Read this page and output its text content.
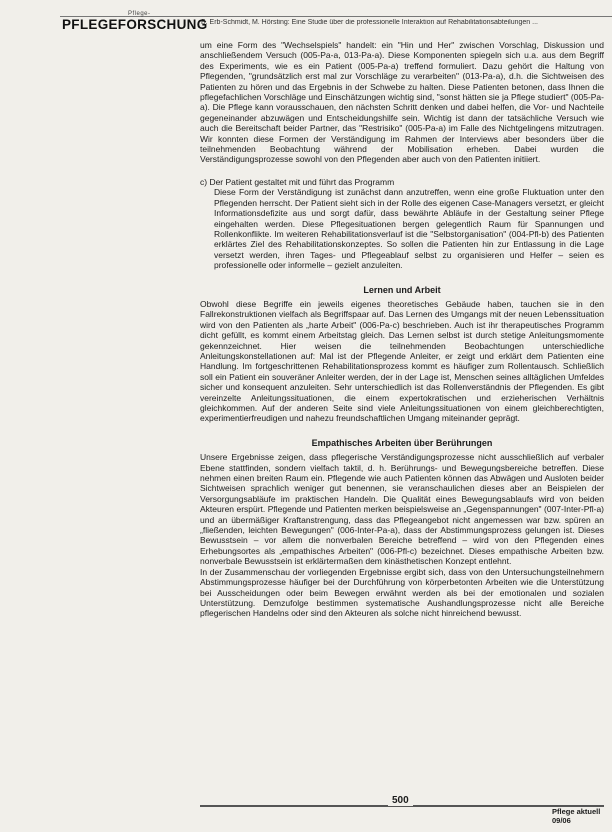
Pflege-
PFLEGEFORSCHUNG
B. Erb-Schmidt, M. Hörsting: Eine Studie über die professionelle Interaktion auf Rehabilitationsabteilungen ...

um eine Form des "Wechselspiels" handelt: ein "Hin und Her" zwischen Vorschlag, Diskussion und anschließendem Versuch (005-Pa-a, 013-Pa-a). Diese Komponenten spiegeln sich u.a. aus dem Begriff des Experiments, wie es ein Patient (005-Pa-a) treffend formuliert. Dazu gehört die Haltung von Pflegenden, "grundsätzlich erst mal zur Vorschläge zu verarbeiten" (013-Pa-a), d.h. die Sichtweisen des Patienten zu hören und das Ergebnis in der Schwebe zu halten. Diese Patienten betonen, dass Ihnen die pflegefachlichen Vorschläge und Einschätzungen wichtig sind, "sonst hätten sie ja Pflege studiert" (005-Pa-a). Die Pflege kann vorausschauen, den nächsten Schritt denken und dabei helfen, die Vor- und Nachteile gegeneinander abzuwägen und Entscheidungshilfe sein. Wichtig ist dann der tatsächliche Versuch wie auch die Bereitschaft beider Partner, das "Restrisiko" (005-Pa-a) im Falle des Nichtgelingens mitzutragen. Wir konnten diese Formen der Verständigung im Rahmen der Interviews aber besonders über die teilnehmenden Beobachtung während der Mobilisation erheben. Dabei wurden die Verständigungsprozesse sowohl von den Pflegenden aber auch von den Patienten initiiert.

c) Der Patient gestaltet mit und führt das Programm

Diese Form der Verständigung ist zunächst dann anzutreffen, wenn eine große Fluktuation unter den Pflegenden herrscht. Der Patient sieht sich in der Rolle des eigenen Case-Managers versetzt, er gleicht Informationsdefizite aus und sorgt dafür, dass bewährte Abläufe in der Gestaltung seiner Pflege eingehalten werden. Diese Pflegesituationen bergen gelegentlich Raum für Spannungen und Rollenkonflikte. Im weiteren Rehabilitationsverlauf ist die "Selbstorganisation" (004-Pfl-b) des Patienten erklärtes Ziel des Rehabilitationskonzeptes. So sollen die Patienten hin zur Entlassung in die Lage versetzt werden, ihren Tages- und Pflegeablauf selbst zu organisieren und Helfer – seien es professionelle oder informelle – gezielt anzuleiten.

Lernen und Arbeit

Obwohl diese Begriffe ein jeweils eigenes theoretisches Gebäude haben, tauchen sie in den Fallrekonstruktionen vielfach als Begriffspaar auf. Das Lernen des Umgangs mit der neuen Lebenssituation wird von den Patienten als „harte Arbeit" (006-Pa-c) beschrieben. Auch ist ihr therapeutisches Programm dicht gefüllt, es kommt einem Arbeitstag gleich. Das Lernen selbst ist durch stetige Anleitungsmomente gekennzeichnet. Hier weisen die teilnehmenden Beobachtungen unterschiedliche Anleitungskonstellationen auf: Mal ist der Pflegende Anleiter, er zeigt und erklärt dem Patienten eine Handlung. Im fortgeschrittenen Rehabilitationsprozess kommt es häufiger zum Rollentausch. Schließlich soll ein Patient ein souveräner Anleiter werden, der in der Lage ist, Menschen seines alltäglichen Umfeldes sicher und konsequent anzuleiten. Sehr unterschiedlich ist das Rollenverständnis der Pflegenden. Es gibt vereinzelte Anleitungssituationen, die einem expertokratischen und erzieherischen Verhältnis gleichkommen. Auf der anderen Seite sind viele Anleitungssituationen von einem gleichberechtigten, experimentierfreudigen und nahezu freundschaftlichen Umgang miteinander geprägt.

Empathisches Arbeiten über Berührungen

Unsere Ergebnisse zeigen, dass pflegerische Verständigungsprozesse nicht ausschließlich auf verbaler Ebene stattfinden, sondern vielfach taktil, d. h. Berührungs- und Bewegungsbereiche betreffen. Diese nehmen einen breiten Raum ein. Pflegende wie auch Patienten können das Abwägen und Ausloten beider Sichtweisen sprachlich weniger gut benennen, sie veranschaulichen dieses aber an Beispielen der Versorgungsabläufe im praktischen Handeln. Die Qualität eines Bewegungsablaufs wird von beiden Akteuren erspürt. Pflegende und Patienten merken beispielsweise an „Gegenspannungen" (007-Inter-Pfl-a) und an übermäßiger Kraftanstrengung, dass das Pflegeangebot nicht angemessen war bzw. spüren an „fließenden, leichten Bewegungen" (006-Inter-Pa-a), dass der Abstimmungsprozess gelungen ist. Dieses Bewusstsein – vor allem die nonverbalen Bereiche betreffend – wird von den Pflegenden eines Erhebungsortes als „empathisches Arbeiten" (006-Pfl-c) bezeichnet. Dieses empathische Arbeiten bzw. nonverbale Bewusstsein ist erklärtermaßen dem kinästhetischen Konzept entlehnt.

In der Zusammenschau der vorliegenden Ergebnisse ergibt sich, dass von den Untersuchungsteilnehmern Abstimmungsprozesse häufiger bei der Durchführung von körperbetonten Arbeiten wie die Unterstützung bei Ausscheidungen oder beim Bewegen erwähnt werden als bei der emotionalen und sozialen Unterstützung. Demzufolge bestimmen systematische Aushandlungsprozesse nicht alle Bereiche pflegerischen Handelns oder sind den Akteuren als solche nicht hinreichend bewusst.

500
Pflege aktuell 09/06
